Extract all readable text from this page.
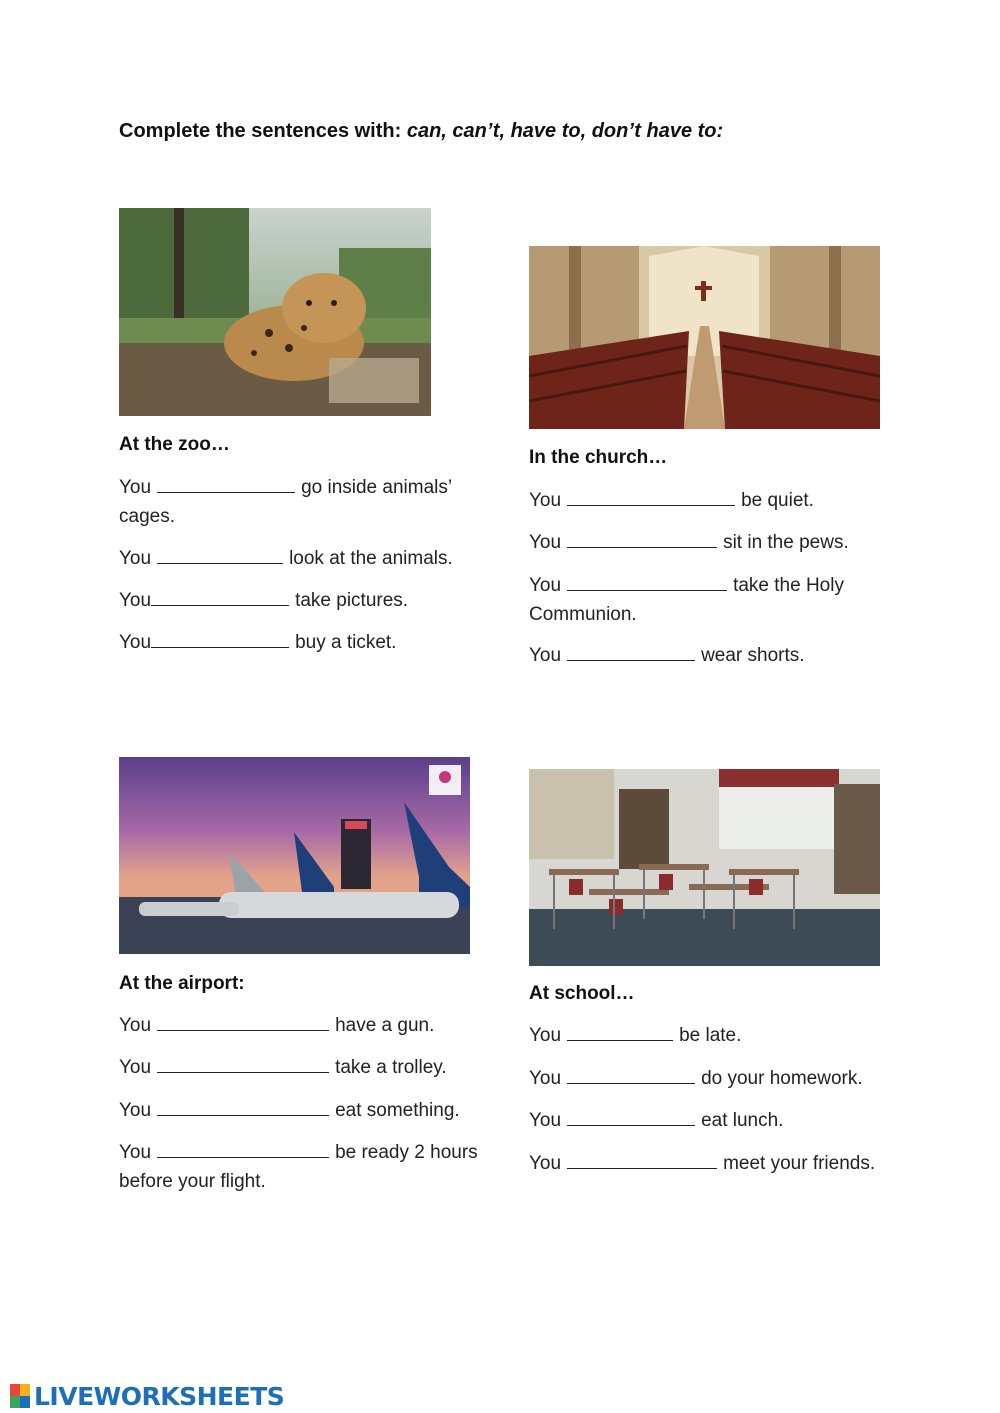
Complete the sentences with: can, can’t, have to, don’t have to:
At the zoo…
You	go inside animals’ cages.
You	look at the animals.
You	take pictures.
You	buy a ticket.
In the church…
You	be quiet.
You	sit in the pews.
You	take the Holy Communion.
You	wear shorts.
At the airport:
You	have a gun.
You	take a trolley.
You	eat something.
You	be ready 2 hours before your flight.
At school…
You	be late.
You	do your homework.
You	eat lunch.
You	meet your friends.
LIVEWORKSHEETS
